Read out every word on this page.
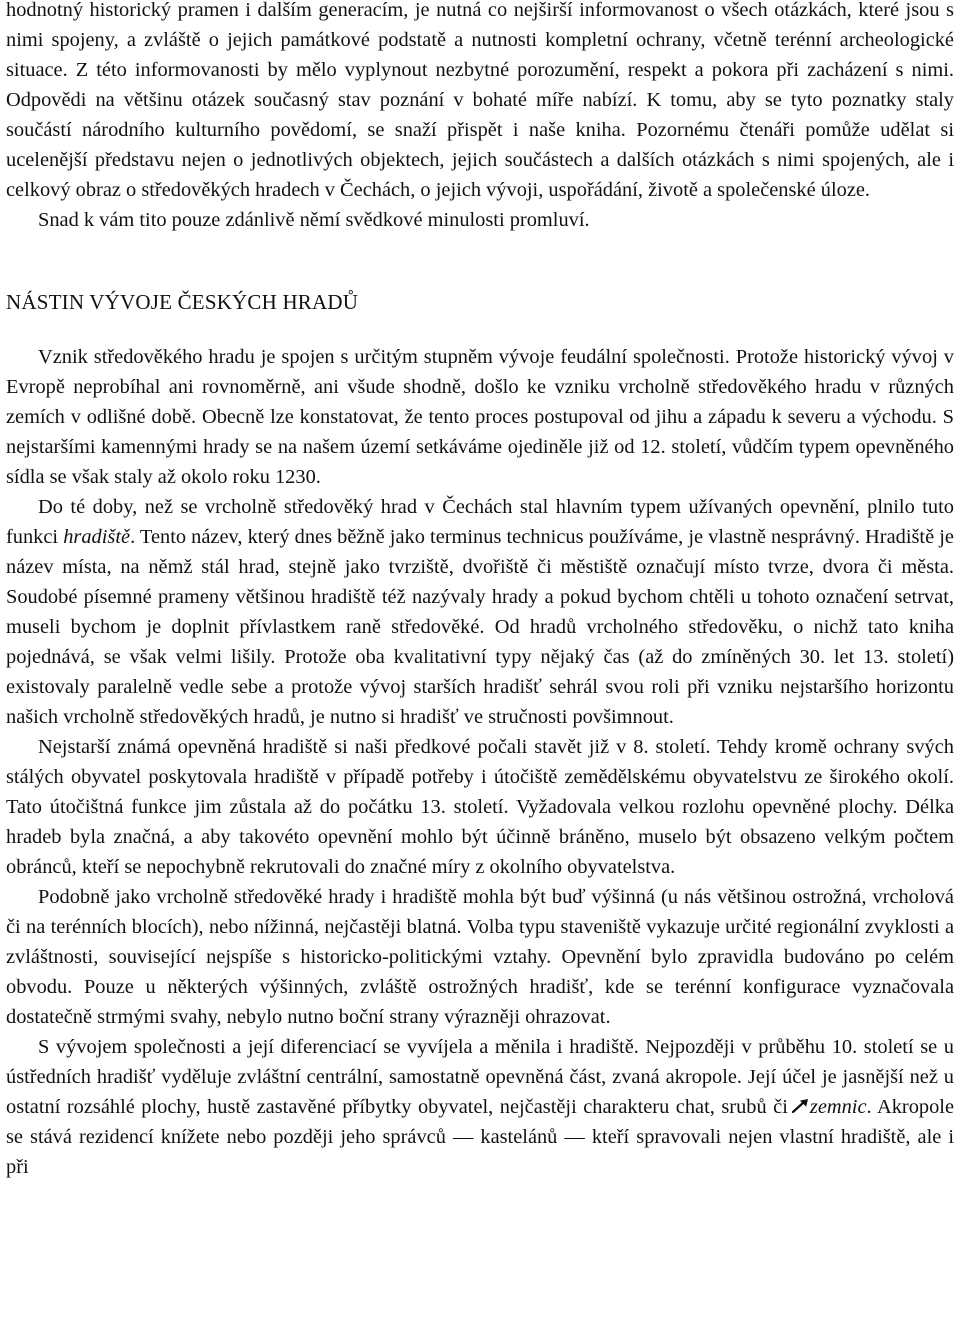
hodnotný historický pramen i dalším generacím, je nutná co nejširší informovanost o všech otázkách, které jsou s nimi spojeny, a zvláště o jejich památkové podstatě a nutnosti kompletní ochrany, včetně terénní archeologické situace. Z této informovanosti by mělo vyplynout nezbytné porozumění, respekt a pokora při zacházení s nimi. Odpovědi na většinu otázek současný stav poznání v bohaté míře nabízí. K tomu, aby se tyto poznatky staly součástí národního kulturního povědomí, se snaží přispět i naše kniha. Pozornému čtenáři pomůže udělat si ucelenější představu nejen o jednotlivých objektech, jejich součástech a dalších otázkách s nimi spojených, ale i celkový obraz o středověkých hradech v Čechách, o jejich vývoji, uspořádání, životě a společenské úloze.

Snad k vám tito pouze zdánlivě němí svědkové minulosti promluví.

NÁSTIN VÝVOJE ČESKÝCH HRADŮ

Vznik středověkého hradu je spojen s určitým stupněm vývoje feudální společnosti. Protože historický vývoj v Evropě neprobíhal ani rovnoměrně, ani všude shodně, došlo ke vzniku vrcholně středověkého hradu v různých zemích v odlišné době. Obecně lze konstatovat, že tento proces postupoval od jihu a západu k severu a východu. S nejstaršími kamennými hrady se na našem území setkáváme ojediněle již od 12. století, vůdčím typem opevněného sídla se však staly až okolo roku 1230.

Do té doby, než se vrcholně středověký hrad v Čechách stal hlavním typem užívaných opevnění, plnilo tuto funkci hradiště. Tento název, který dnes běžně jako terminus technicus používáme, je vlastně nesprávný. Hradiště je název místa, na němž stál hrad, stejně jako tvrziště, dvořiště či městiště označují místo tvrze, dvora či města. Soudobé písemné prameny většinou hradiště též nazývaly hrady a pokud bychom chtěli u tohoto označení setrvat, museli bychom je doplnit přívlastkem raně středověké. Od hradů vrcholného středověku, o nichž tato kniha pojednává, se však velmi lišily. Protože oba kvalitativní typy nějaký čas (až do zmíněných 30. let 13. století) existovaly paralelně vedle sebe a protože vývoj starších hradišť sehrál svou roli při vzniku nejstaršího horizontu našich vrcholně středověkých hradů, je nutno si hradišť ve stručnosti povšimnout.

Nejstarší známá opevněná hradiště si naši předkové počali stavět již v 8. století. Tehdy kromě ochrany svých stálých obyvatel poskytovala hradiště v případě potřeby i útočiště zemědělskému obyvatelstvu ze širokého okolí. Tato útočištná funkce jim zůstala až do počátku 13. století. Vyžadovala velkou rozlohu opevněné plochy. Délka hradeb byla značná, a aby takovéto opevnění mohlo být účinně bráněno, muselo být obsazeno velkým počtem obránců, kteří se nepochybně rekrutovali do značné míry z okolního obyvatelstva.

Podobně jako vrcholně středověké hrady i hradiště mohla být buď výšinná (u nás většinou ostrožná, vrcholová či na terénních blocích), nebo nížinná, nejčastěji blatná. Volba typu staveniště vykazuje určité regionální zvyklosti a zvláštnosti, související nejspíše s historicko-politickými vztahy. Opevnění bylo zpravidla budováno po celém obvodu. Pouze u některých výšinných, zvláště ostrožných hradišť, kde se terénní konfigurace vyznačovala dostatečně strmými svahy, nebylo nutno boční strany výrazněji ohrazovat.

S vývojem společnosti a její diferenciací se vyvíjela a měnila i hradiště. Nejpozději v průběhu 10. století se u ústředních hradišť vyděluje zvláštní centrální, samostatně opevněná část, zvaná akropole. Její účel je jasnější než u ostatní rozsáhlé plochy, hustě zastavěné příbytky obyvatel, nejčastěji charakteru chat, srubů či zemnic. Akropole se stává rezidencí knížete nebo později jeho správců — kastelánů — kteří spravovali nejen vlastní hradiště, ale i při
